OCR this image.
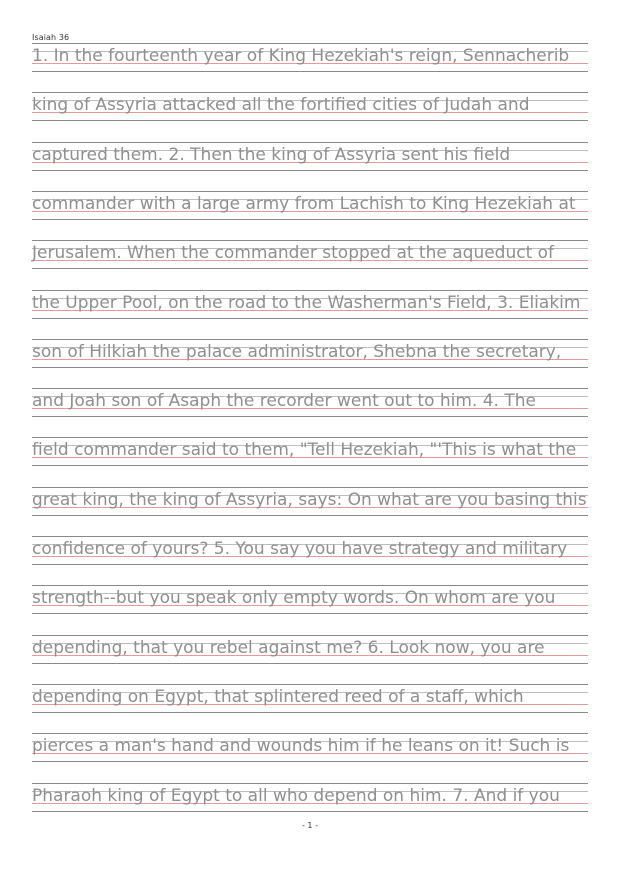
Isaiah 36
1. In the fourteenth year of King Hezekiah's reign, Sennacherib
king of Assyria attacked all the fortified cities of Judah and
captured them. 2. Then the king of Assyria sent his field
commander with a large army from Lachish to King Hezekiah at
Jerusalem. When the commander stopped at the aqueduct of
the Upper Pool, on the road to the Washerman's Field, 3. Eliakim
son of Hilkiah the palace administrator, Shebna the secretary,
and Joah son of Asaph the recorder went out to him. 4. The
field commander said to them, "Tell Hezekiah, "'This is what the
great king, the king of Assyria, says: On what are you basing this
confidence of yours? 5. You say you have strategy and military
strength--but you speak only empty words. On whom are you
depending, that you rebel against me? 6. Look now, you are
depending on Egypt, that splintered reed of a staff, which
pierces a man's hand and wounds him if he leans on it! Such is
Pharaoh king of Egypt to all who depend on him. 7. And if you
- 1 -
